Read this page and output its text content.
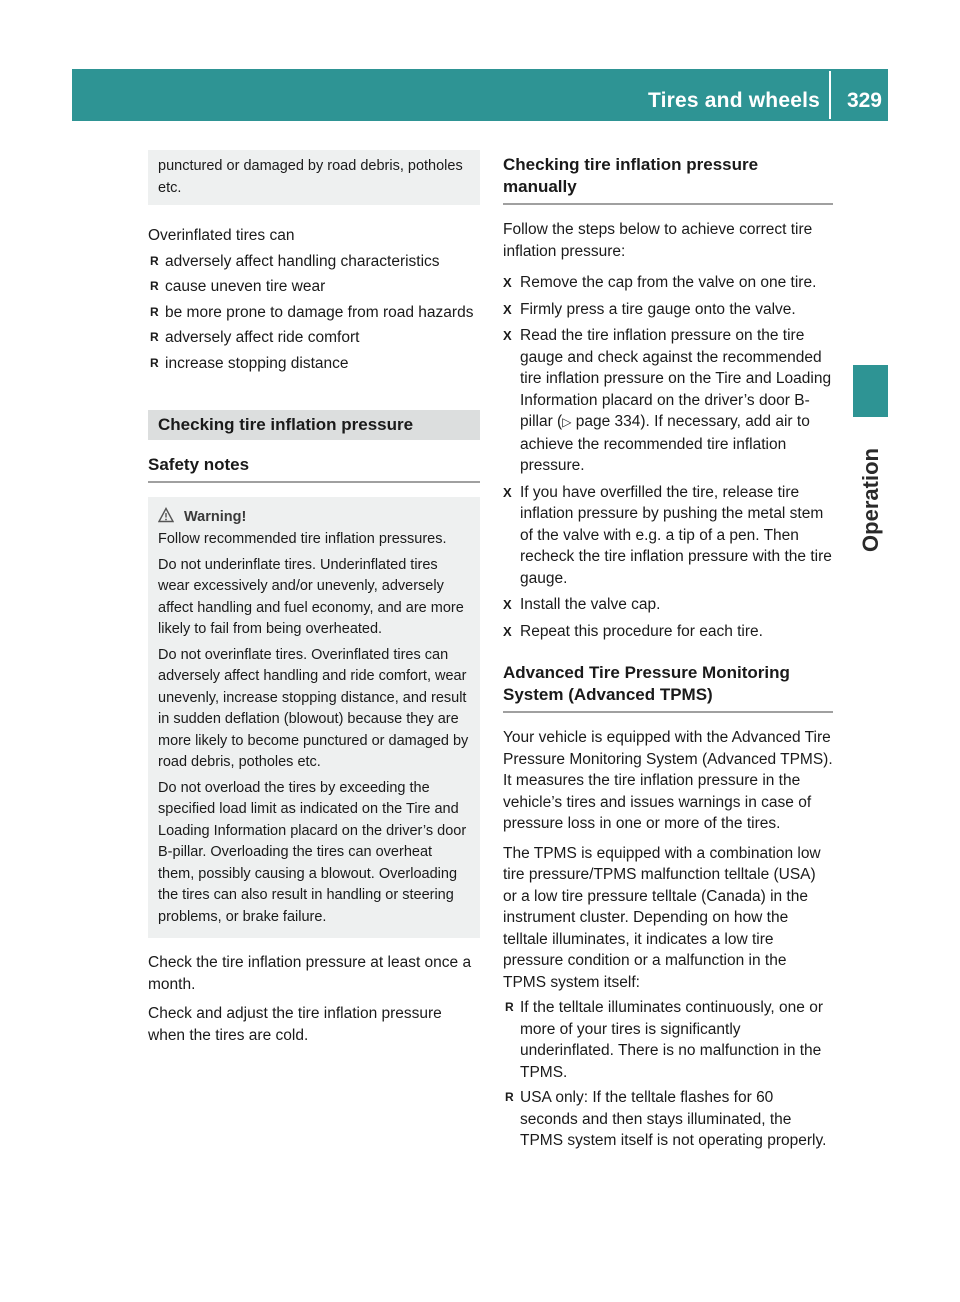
Tires and wheels 329
Operation

punctured or damaged by road debris, potholes etc.

Overinflated tires can

R adversely affect handling characteristics
R cause uneven tire wear
R be more prone to damage from road hazards
R adversely affect ride comfort
R increase stopping distance
Checking tire inflation pressure
Safety notes
Warning!

Follow recommended tire inflation pressures.

Do not underinflate tires. Underinflated tires wear excessively and/or unevenly, adversely affect handling and fuel economy, and are more likely to fail from being overheated.

Do not overinflate tires. Overinflated tires can adversely affect handling and ride comfort, wear unevenly, increase stopping distance, and result in sudden deflation (blowout) because they are more likely to become punctured or damaged by road debris, potholes etc.

Do not overload the tires by exceeding the specified load limit as indicated on the Tire and Loading Information placard on the driver’s door B-pillar. Overloading the tires can overheat them, possibly causing a blowout. Overloading the tires can also result in handling or steering problems, or brake failure.

Check the tire inflation pressure at least once a month.

Check and adjust the tire inflation pressure when the tires are cold.

Checking tire inflation pressure manually

Follow the steps below to achieve correct tire inflation pressure:

X Remove the cap from the valve on one tire.
X Firmly press a tire gauge onto the valve.
X Read the tire inflation pressure on the tire gauge and check against the recommended tire inflation pressure on the Tire and Loading Information placard on the driver’s door B-pillar (▷ page 334). If necessary, add air to achieve the recommended tire inflation pressure.
X If you have overfilled the tire, release tire inflation pressure by pushing the metal stem of the valve with e.g. a tip of a pen. Then recheck the tire inflation pressure with the tire gauge.
X Install the valve cap.
X Repeat this procedure for each tire.
Advanced Tire Pressure Monitoring System (Advanced TPMS)

Your vehicle is equipped with the Advanced Tire Pressure Monitoring System (Advanced TPMS). It measures the tire inflation pressure in the vehicle’s tires and issues warnings in case of pressure loss in one or more of the tires.

The TPMS is equipped with a combination low tire pressure/TPMS malfunction telltale (USA) or a low tire pressure telltale (Canada) in the instrument cluster. Depending on how the telltale illuminates, it indicates a low tire pressure condition or a malfunction in the TPMS system itself:

R If the telltale illuminates continuously, one or more of your tires is significantly underinflated. There is no malfunction in the TPMS.
R USA only: If the telltale flashes for 60 seconds and then stays illuminated, the TPMS system itself is not operating properly.
